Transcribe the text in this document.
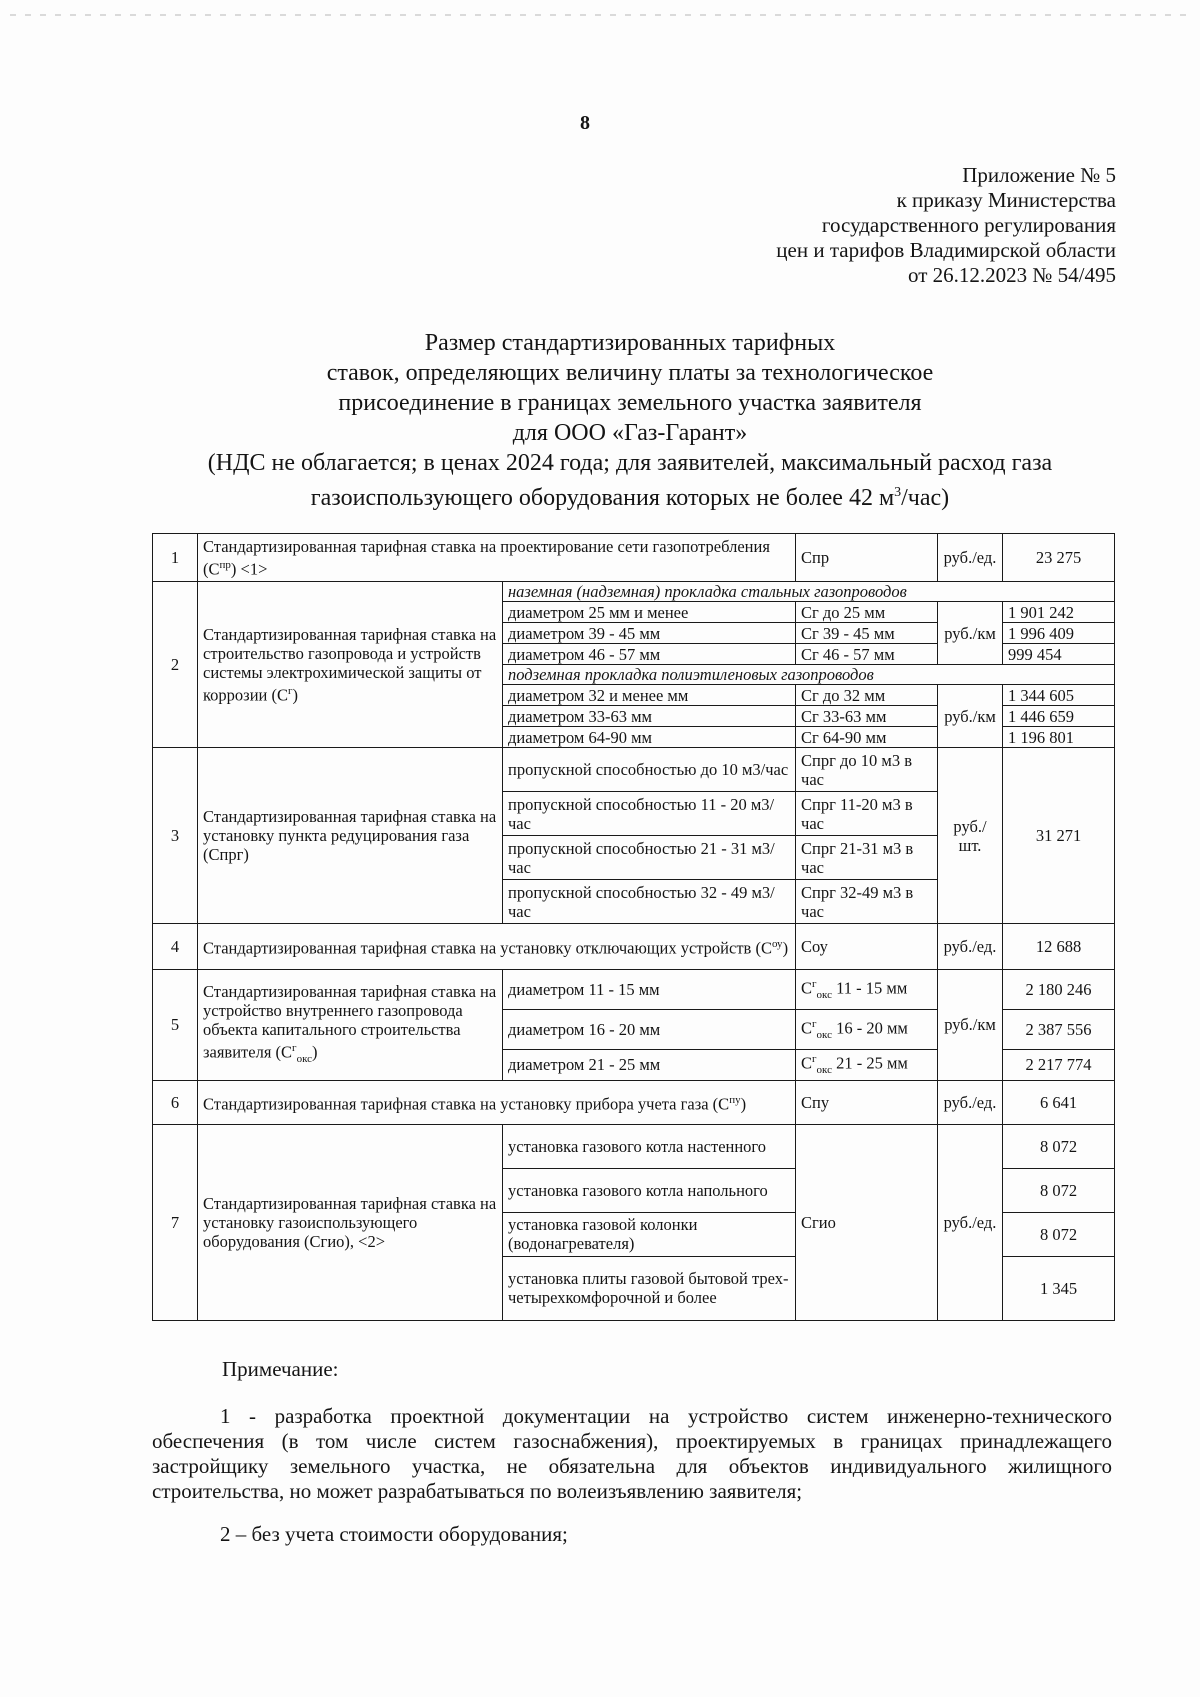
8
Приложение № 5
к приказу Министерства
государственного регулирования
цен и тарифов Владимирской области
от 26.12.2023 № 54/495
Размер стандартизированных тарифных
ставок, определяющих величину платы за технологическое
присоединение в границах земельного участка заявителя
для ООО «Газ-Гарант»
(НДС не облагается; в ценах 2024 года; для заявителей, максимальный расход газа
газоиспользующего оборудования которых не более 42 $м^3/час$)
1	Стандартизированная тарифная ставка на проектирование сети газопотребления $(С^{пр}) <1>$		Спр	руб./ед.	23 275
2	Стандартизированная тарифная ставка на строительство газопровода и устройств системы электрохимической защиты от коррозии $(С^г)$	наземная (надземная) прокладка стальных газопроводов			
		диаметром 25 мм и менее	Сг до 25 мм	руб./км	1 901 242
		диаметром 39 - 45 мм	Сг 39 - 45 мм		1 996 409
		диаметром 46 - 57 мм	Сг 46 - 57 мм		999 454
		подземная прокладка полиэтиленовых газопроводов			
		диаметром 32 и менее мм	Сг до 32 мм	руб./км	1 344 605
		диаметром 33-63 мм	Сг 33-63 мм		1 446 659
		диаметром 64-90 мм	Сг 64-90 мм		1 196 801
3	Стандартизированная тарифная ставка на установку пункта редуцирования газа (Спрг)	пропускной способностью до 10 м3/час	Спрг до 10 м3 в час	руб./шт.	31 271
		пропускной способностью 11 - 20 м3/час	Спрг 11-20 м3 в час		
		пропускной способностью 21 - 31 м3/час	Спрг 21-31 м3 в час		
		пропускной способностью 32 - 49 м3/час	Спрг 32-49 м3 в час		
4	Стандартизированная тарифная ставка на установку отключающих устройств $(С^{оу})$		Соу	руб./ед.	12 688
5	Стандартизированная тарифная ставка на устройство внутреннего газопровода объекта капитального строительства заявителя $(С^г_{окс})$	диаметром 11 - 15 мм	$С^г_{окс}$ 11 - 15 мм	руб./км	2 180 246
		диаметром 16 - 20 мм	$С^г_{окс}$ 16 - 20 мм		2 387 556
		диаметром 21 - 25 мм	$С^г_{окс}$ 21 - 25 мм		2 217 774
6	Стандартизированная тарифная ставка на установку прибора учета газа $(С^{пу})$		Спу	руб./ед.	6 641
7	Стандартизированная тарифная ставка на установку газоиспользующего оборудования (Сгио), <2>	установка газового котла настенного	Сгио	руб./ед.	8 072
		установка газового котла напольного			8 072
		установка газовой колонки (водонагревателя)			8 072
		установка плиты газовой бытовой трех-четырехкомфорочной и более			1 345

Примечание:

1 - разработка проектной документации на устройство систем инженерно-технического обеспечения (в том числе систем газоснабжения), проектируемых в границах принадлежащего застройщику земельного участка, не обязательна для объектов индивидуального жилищного строительства, но может разрабатываться по волеизъявлению заявителя;

2 – без учета стоимости оборудования;
